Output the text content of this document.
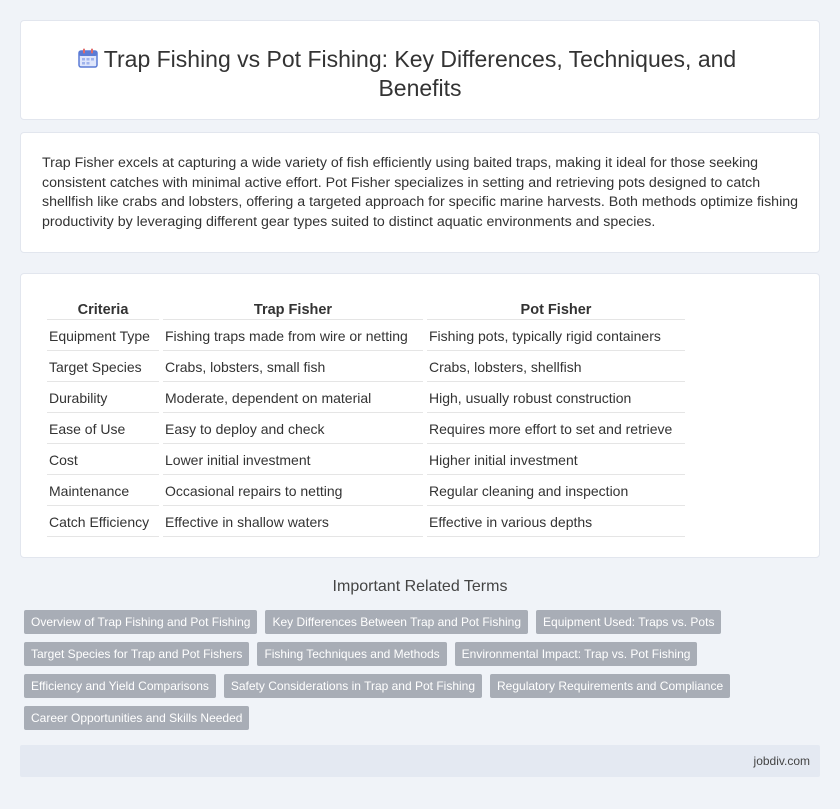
Trap Fishing vs Pot Fishing: Key Differences, Techniques, and Benefits

Trap Fisher excels at capturing a wide variety of fish efficiently using baited traps, making it ideal for those seeking consistent catches with minimal active effort. Pot Fisher specializes in setting and retrieving pots designed to catch shellfish like crabs and lobsters, offering a targeted approach for specific marine harvests. Both methods optimize fishing productivity by leveraging different gear types suited to distinct aquatic environments and species.

Criteria	Trap Fisher	Pot Fisher
Equipment Type	Fishing traps made from wire or netting	Fishing pots, typically rigid containers
Target Species	Crabs, lobsters, small fish	Crabs, lobsters, shellfish
Durability	Moderate, dependent on material	High, usually robust construction
Ease of Use	Easy to deploy and check	Requires more effort to set and retrieve
Cost	Lower initial investment	Higher initial investment
Maintenance	Occasional repairs to netting	Regular cleaning and inspection
Catch Efficiency	Effective in shallow waters	Effective in various depths
Important Related Terms
Overview of Trap Fishing and Pot Fishing	Key Differences Between Trap and Pot Fishing	Equipment Used: Traps vs. Pots
Target Species for Trap and Pot Fishers	Fishing Techniques and Methods	Environmental Impact: Trap vs. Pot Fishing
Efficiency and Yield Comparisons	Safety Considerations in Trap and Pot Fishing	Regulatory Requirements and Compliance
Career Opportunities and Skills Needed
jobdiv.com
